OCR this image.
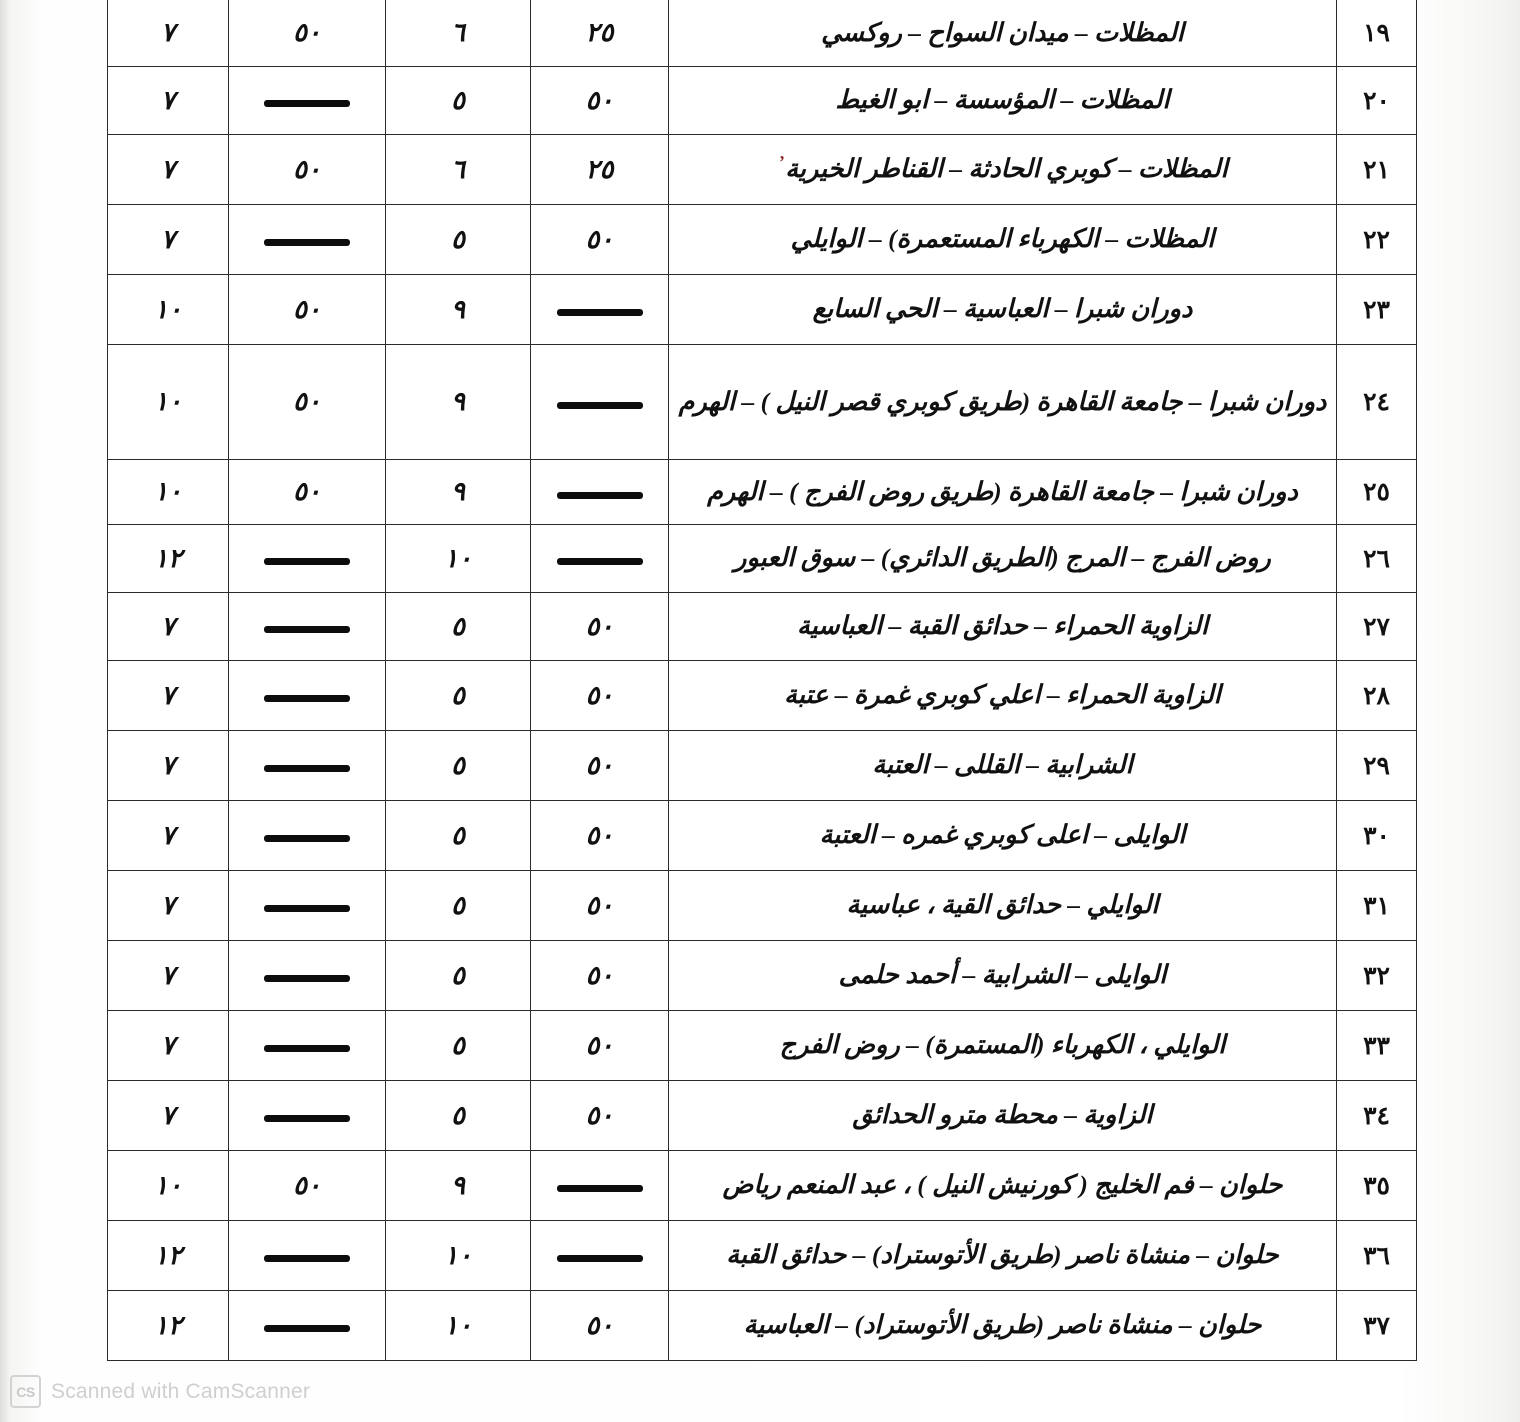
١٩	المظلات – ميدان السواح – روكسي	٢٥	٦	٥٠	٧
٢٠	المظلات – المؤسسة – ابو الغيط	٥٠	٥		٧
٢١	المظلات – كوبري الحادثة – القناطر الخيرية$^ʼ$	٢٥	٦	٥٠	٧
٢٢	المظلات – الكهرباء المستعمرة) – الوايلي	٥٠	٥		٧
٢٣	دوران شبرا – العباسية – الحي السابع		٩	٥٠	١٠
٢٤	دوران شبرا – جامعة القاهرة (طريق كوبري قصر النيل ) – الهرم		٩	٥٠	١٠
٢٥	دوران شبرا – جامعة القاهرة (طريق روض الفرج ) – الهرم		٩	٥٠	١٠
٢٦	روض الفرج – المرج (الطريق الدائري) – سوق العبور		١٠		١٢
٢٧	الزاوية الحمراء – حدائق القبة – العباسية	٥٠	٥		٧
٢٨	الزاوية الحمراء – اعلي كوبري غمرة – عتبة	٥٠	٥		٧
٢٩	الشرابية – القللى – العتبة	٥٠	٥		٧
٣٠	الوايلى – اعلى كوبري غمره – العتبة	٥٠	٥		٧
٣١	الوايلي – حدائق القية ، عباسية	٥٠	٥		٧
٣٢	الوايلى – الشرابية – أحمد حلمى	٥٠	٥		٧
٣٣	الوايلي ، الكهرباء (المستمرة) – روض الفرج	٥٠	٥		٧
٣٤	الزاوية – محطة مترو الحدائق	٥٠	٥		٧
٣٥	حلوان – فم الخليج ( كورنيش النيل ) ، عبد المنعم رياض		٩	٥٠	١٠
٣٦	حلوان – منشاة ناصر (طريق الأتوستراد) – حدائق القبة		١٠		١٢
٣٧	حلوان – منشاة ناصر (طريق الأتوستراد) – العباسية	٥٠	١٠		١٢
CS Scanned with CamScanner
